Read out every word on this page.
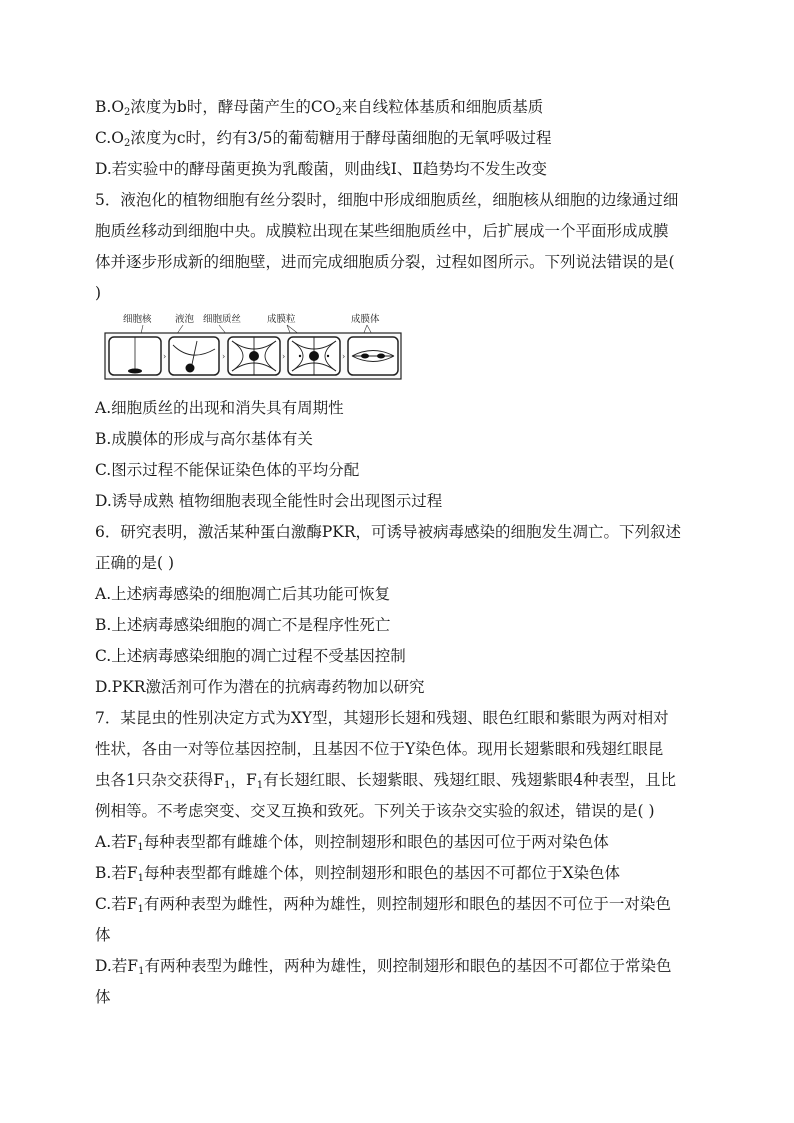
$B.O_2$浓度为b时，酵母菌产生的$CO_2$来自线粒体基质和细胞质基质
$C.O_2$浓度为c时，约有3/5的葡萄糖用于酵母菌细胞的无氧呼吸过程
D.若实验中的酵母菌更换为乳酸菌，则曲线Ⅰ、Ⅱ趋势均不发生改变
5．液泡化的植物细胞有丝分裂时，细胞中形成细胞质丝，细胞核从细胞的边缘通过细
胞质丝移动到细胞中央。成膜粒出现在某些细胞质丝中，后扩展成一个平面形成成膜
体并逐步形成新的细胞壁，进而完成细胞质分裂，过程如图所示。下列说法错误的是(
)
细胞核 液泡 细胞质丝	成膜粒	成膜体
›	›	›	›
A.细胞质丝的出现和消失具有周期性
B.成膜体的形成与高尔基体有关
C.图示过程不能保证染色体的平均分配
D.诱导成熟 植物细胞表现全能性时会出现图示过程
6．研究表明，激活某种蛋白激酶PKR，可诱导被病毒感染的细胞发生凋亡。下列叙述
正确的是( )
A.上述病毒感染的细胞凋亡后其功能可恢复
B.上述病毒感染细胞的凋亡不是程序性死亡
C.上述病毒感染细胞的凋亡过程不受基因控制
D.PKR激活剂可作为潜在的抗病毒药物加以研究
7．某昆虫的性别决定方式为XY型，其翅形长翅和残翅、眼色红眼和紫眼为两对相对
性状，各由一对等位基因控制，且基因不位于Y染色体。现用长翅紫眼和残翅红眼昆
虫各1只杂交获得$F_1$，$F_1$有长翅红眼、长翅紫眼、残翅红眼、残翅紫眼4种表型，且比
例相等。不考虑突变、交叉互换和致死。下列关于该杂交实验的叙述，错误的是( )
A.若$F_1$每种表型都有雌雄个体，则控制翅形和眼色的基因可位于两对染色体
B.若$F_1$每种表型都有雌雄个体，则控制翅形和眼色的基因不可都位于X染色体
C.若$F_1$有两种表型为雌性，两种为雄性，则控制翅形和眼色的基因不可位于一对染色
体
D.若$F_1$有两种表型为雌性，两种为雄性，则控制翅形和眼色的基因不可都位于常染色
体
